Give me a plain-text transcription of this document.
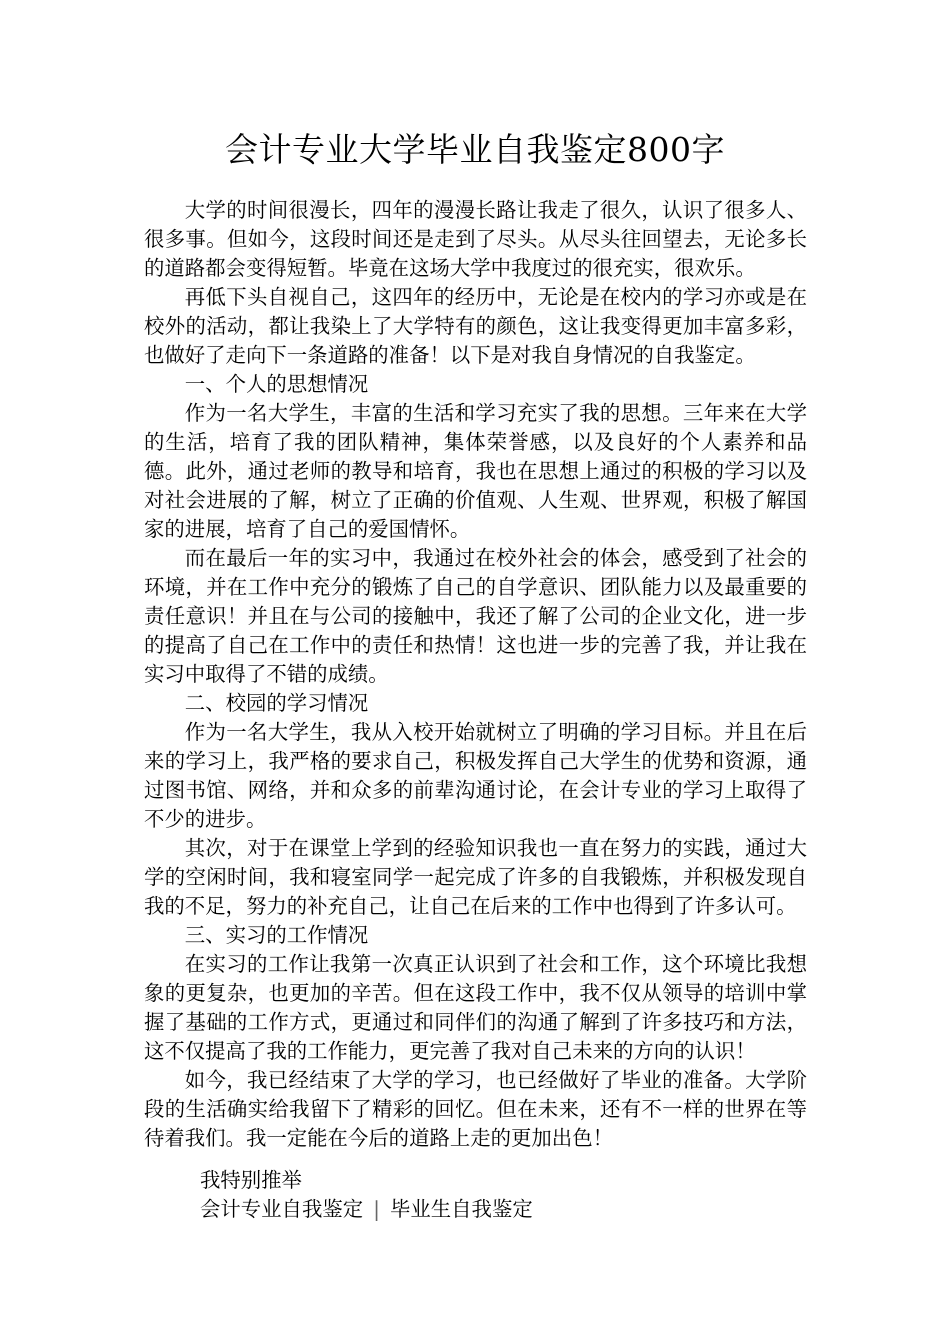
会计专业大学毕业自我鉴定800字

大学的时间很漫长，四年的漫漫长路让我走了很久，认识了很多人、很多事。但如今，这段时间还是走到了尽头。从尽头往回望去，无论多长的道路都会变得短暂。毕竟在这场大学中我度过的很充实，很欢乐。

再低下头自视自己，这四年的经历中，无论是在校内的学习亦或是在校外的活动，都让我染上了大学特有的颜色，这让我变得更加丰富多彩，也做好了走向下一条道路的准备！以下是对我自身情况的自我鉴定。

一、个人的思想情况

作为一名大学生，丰富的生活和学习充实了我的思想。三年来在大学的生活，培育了我的团队精神，集体荣誉感，以及良好的个人素养和品德。此外，通过老师的教导和培育，我也在思想上通过的积极的学习以及对社会进展的了解，树立了正确的价值观、人生观、世界观，积极了解国家的进展，培育了自己的爱国情怀。

而在最后一年的实习中，我通过在校外社会的体会，感受到了社会的环境，并在工作中充分的锻炼了自己的自学意识、团队能力以及最重要的责任意识！并且在与公司的接触中，我还了解了公司的企业文化，进一步的提高了自己在工作中的责任和热情！这也进一步的完善了我，并让我在实习中取得了不错的成绩。

二、校园的学习情况

作为一名大学生，我从入校开始就树立了明确的学习目标。并且在后来的学习上，我严格的要求自己，积极发挥自己大学生的优势和资源，通过图书馆、网络，并和众多的前辈沟通讨论，在会计专业的学习上取得了不少的进步。

其次，对于在课堂上学到的经验知识我也一直在努力的实践，通过大学的空闲时间，我和寝室同学一起完成了许多的自我锻炼，并积极发现自我的不足，努力的补充自己，让自己在后来的工作中也得到了许多认可。

三、实习的工作情况

在实习的工作让我第一次真正认识到了社会和工作，这个环境比我想象的更复杂，也更加的辛苦。但在这段工作中，我不仅从领导的培训中掌握了基础的工作方式，更通过和同伴们的沟通了解到了许多技巧和方法，这不仅提高了我的工作能力，更完善了我对自己未来的方向的认识！

如今，我已经结束了大学的学习，也已经做好了毕业的准备。大学阶段的生活确实给我留下了精彩的回忆。但在未来，还有不一样的世界在等待着我们。我一定能在今后的道路上走的更加出色！

我特别推举
会计专业自我鉴定 | 毕业生自我鉴定
